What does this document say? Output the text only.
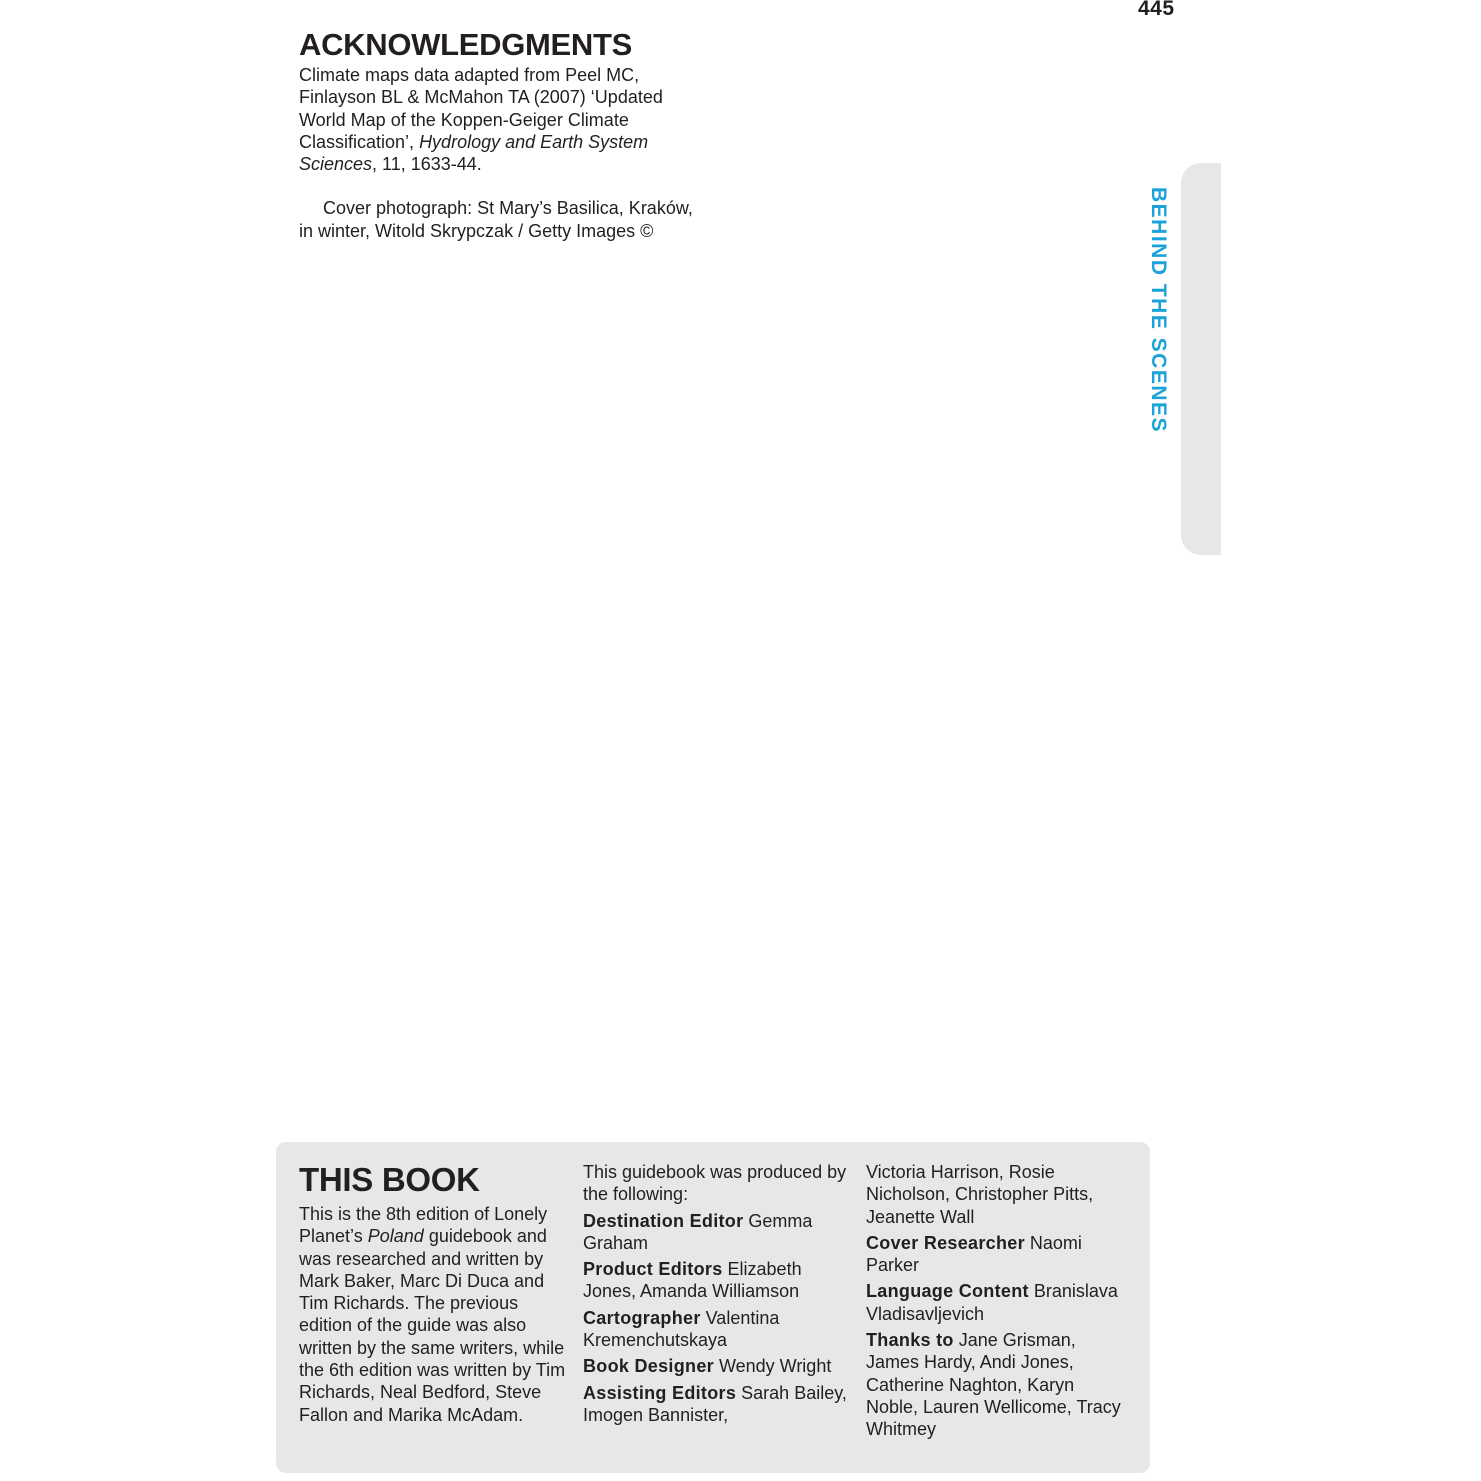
445
BEHIND THE SCENES
ACKNOWLEDGMENTS

Climate maps data adapted from Peel MC, Finlayson BL & McMahon TA (2007) ‘Updated World Map of the Koppen-Geiger Climate Classification’, Hydrology and Earth System Sciences, 11, 1633-44.

Cover photograph: St Mary’s Basilica, Kraków, in winter, Witold Skrypczak / Getty Images ©

THIS BOOK

This is the 8th edition of Lonely Planet’s Poland guidebook and was researched and written by Mark Baker, Marc Di Duca and Tim Richards. The previous edition of the guide was also written by the same writers, while the 6th edition was written by Tim Richards, Neal Bedford, Steve Fallon and Marika McAdam.

This guidebook was produced by the following:

Destination Editor Gemma Graham

Product Editors Elizabeth Jones, Amanda Williamson

Cartographer Valentina Kremenchutskaya

Book Designer Wendy Wright

Assisting Editors Sarah Bailey, Imogen Bannister,

Victoria Harrison, Rosie Nicholson, Christopher Pitts, Jeanette Wall

Cover Researcher Naomi Parker

Language Content Branislava Vladisavljevich

Thanks to Jane Grisman, James Hardy, Andi Jones, Catherine Naghton, Karyn Noble, Lauren Wellicome, Tracy Whitmey
